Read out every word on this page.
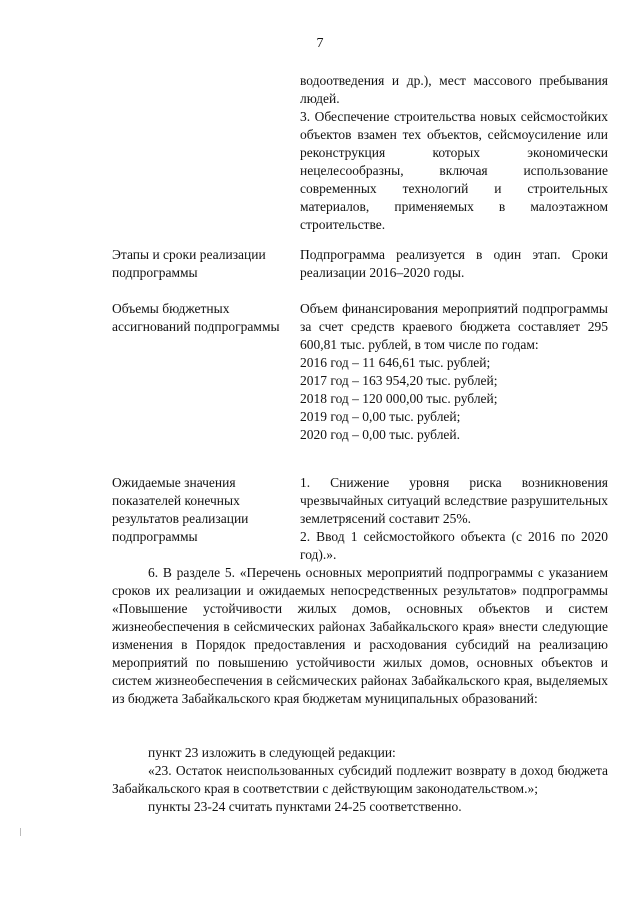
7

водоотведения и др.), мест массового пребывания людей.

3. Обеспечение строительства новых сейсмостойких объектов взамен тех объектов, сейсмоусиление или реконструкция которых экономически нецелесообразны, включая использование современных технологий и строительных материалов, применяемых в малоэтажном строительстве.

Этапы и сроки реализации подпрограммы

Подпрограмма реализуется в один этап. Сроки реализации 2016–2020 годы.

Объемы бюджетных ассигнований подпрограммы

Объем финансирования мероприятий подпрограммы за счет средств краевого бюджета составляет 295 600,81 тыс. рублей, в том числе по годам:

2016 год – 11 646,61 тыс. рублей;

2017 год – 163 954,20 тыс. рублей;

2018 год – 120 000,00 тыс. рублей;

2019 год – 0,00 тыс. рублей;

2020 год – 0,00 тыс. рублей.

Ожидаемые значения показателей конечных результатов реализации подпрограммы

1. Снижение уровня риска возникновения чрезвычайных ситуаций вследствие разрушительных землетрясений составит 25%.

2. Ввод 1 сейсмостойкого объекта (с 2016 по 2020 год).».

6. В разделе 5. «Перечень основных мероприятий подпрограммы с указанием сроков их реализации и ожидаемых непосредственных результатов» подпрограммы «Повышение устойчивости жилых домов, основных объектов и систем жизнеобеспечения в сейсмических районах Забайкальского края» внести следующие изменения в Порядок предоставления и расходования субсидий на реализацию мероприятий по повышению устойчивости жилых домов, основных объектов и систем жизнеобеспечения в сейсмических районах Забайкальского края, выделяемых из бюджета Забайкальского края бюджетам муниципальных образований:

пункт 23 изложить в следующей редакции:

«23. Остаток неиспользованных субсидий подлежит возврату в доход бюджета Забайкальского края в соответствии с действующим законодательством.»;

пункты 23-24 считать пунктами 24-25 соответственно.
